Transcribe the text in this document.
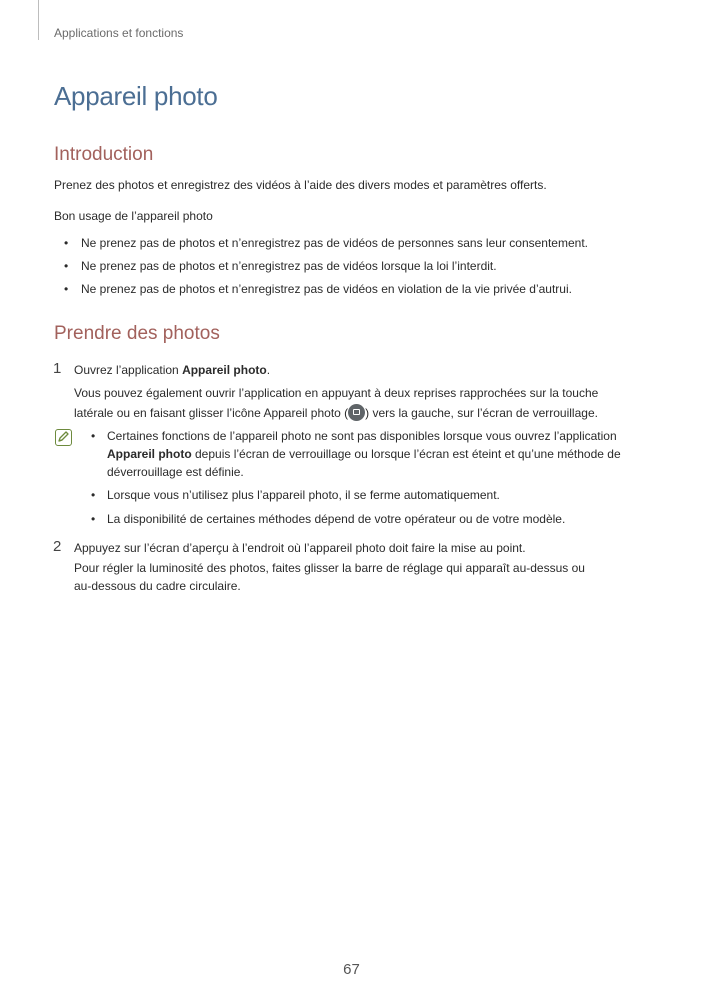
Applications et fonctions
Appareil photo
Introduction
Prenez des photos et enregistrez des vidéos à l’aide des divers modes et paramètres offerts.
Bon usage de l’appareil photo
• Ne prenez pas de photos et n’enregistrez pas de vidéos de personnes sans leur consentement.
• Ne prenez pas de photos et n’enregistrez pas de vidéos lorsque la loi l’interdit.
• Ne prenez pas de photos et n’enregistrez pas de vidéos en violation de la vie privée d’autrui.
Prendre des photos
1 Ouvrez l’application Appareil photo.
Vous pouvez également ouvrir l’application en appuyant à deux reprises rapprochées sur la touche
latérale ou en faisant glisser l’icône Appareil photo ( ) vers la gauche, sur l’écran de verrouillage.
• Certaines fonctions de l’appareil photo ne sont pas disponibles lorsque vous ouvrez l’application
Appareil photo depuis l’écran de verrouillage ou lorsque l’écran est éteint et qu’une méthode de
déverrouillage est définie.
• Lorsque vous n’utilisez plus l’appareil photo, il se ferme automatiquement.
• La disponibilité de certaines méthodes dépend de votre opérateur ou de votre modèle.
2 Appuyez sur l’écran d’aperçu à l’endroit où l’appareil photo doit faire la mise au point.
Pour régler la luminosité des photos, faites glisser la barre de réglage qui apparaît au-dessus ou
au-dessous du cadre circulaire.
67
